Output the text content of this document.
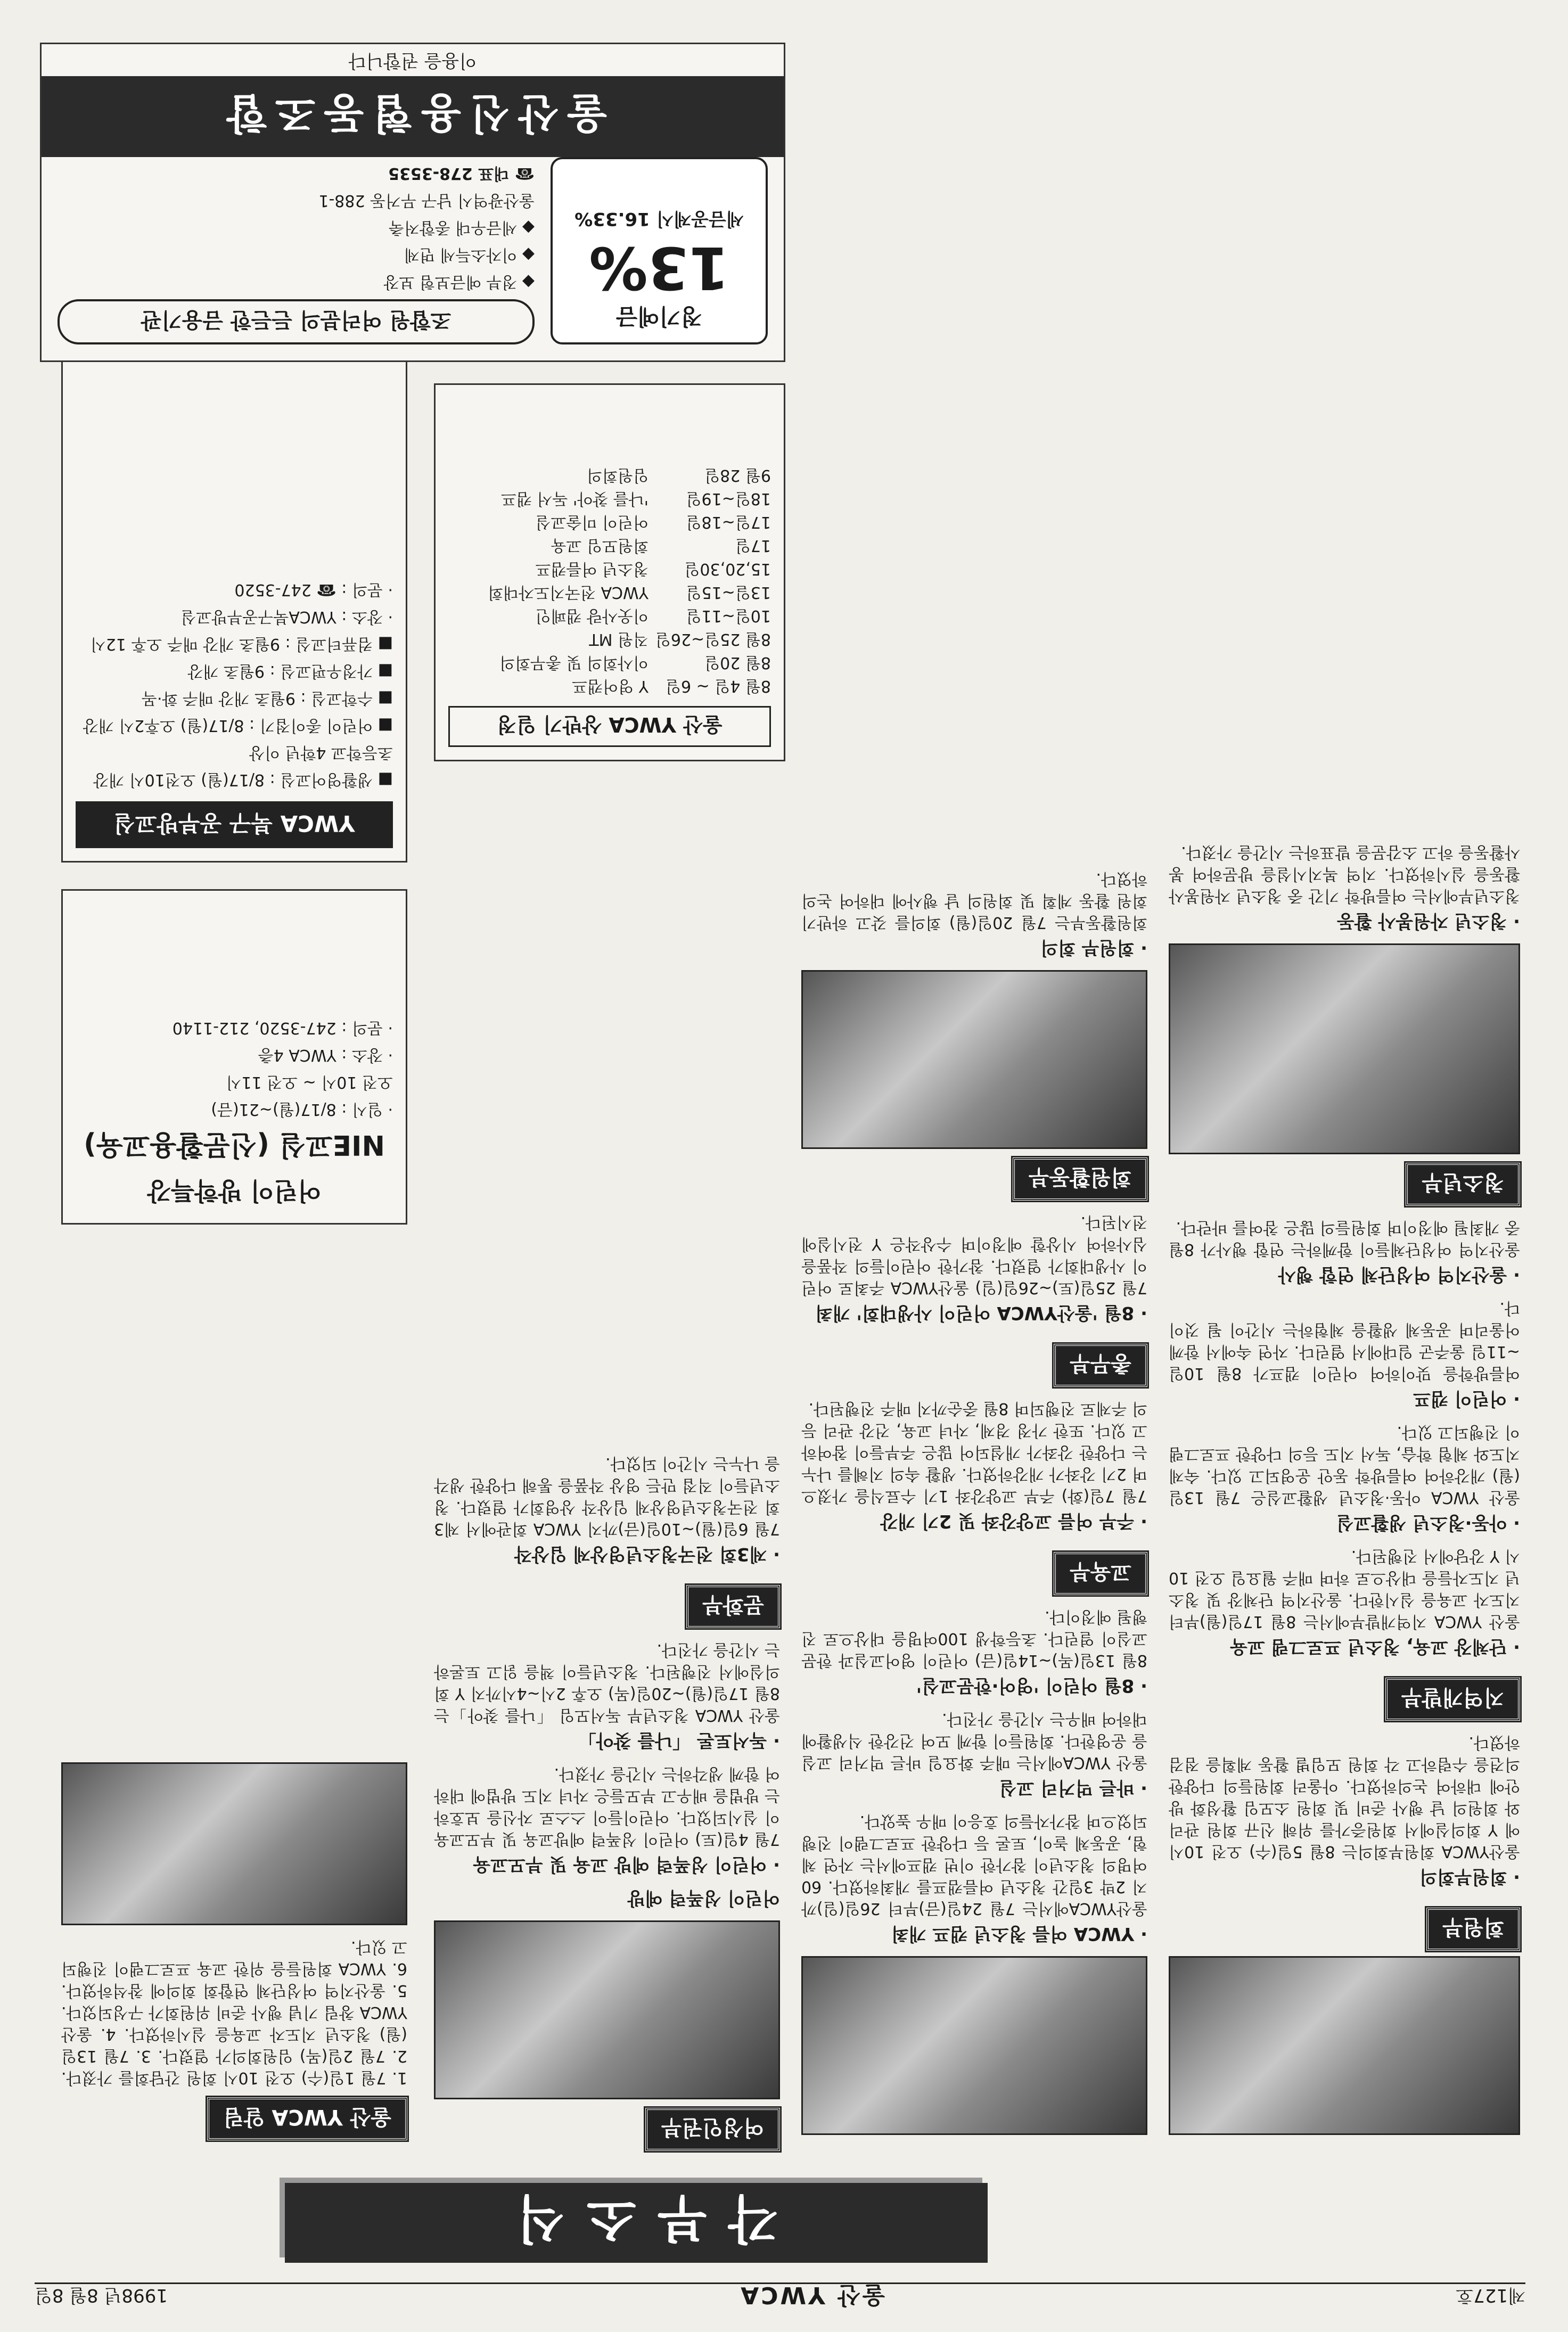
제127호
울산 YWCA
1998년 8월 8일
각부소식
회원부
· 회원부회의

울산YWCA 회원부회의는 8월 5일(수) 오전 10시에 Y 회의실에서 회원증가를 위해 신규 회원 관리와 회원의 날 행사 준비 및 회원 소모임 활성화 방안에 대하여 논의하였다. 아울러 회원들의 다양한 의견을 수렴하고 각 회원 모임별 활동 계획을 점검하였다.

지역개발부
· 단체장 교육, 청소년 프로그램 교육

울산 YWCA 지역개발부에서는 8월 17일(월)부터 지도자 교육을 실시한다. 울산지역 단체장 및 청소년 지도자들을 대상으로 하며 매주 월요일 오전 10시 Y 강당에서 진행된다.

· 아동·청소년 생활교실

울산 YWCA 아동·청소년 생활교실은 7월 13일(월) 개강하여 여름방학 동안 운영되고 있다. 숙제 지도와 체험 학습, 독서 지도 등의 다양한 프로그램이 진행되고 있다.

· 어린이 캠프

여름방학을 맞이하여 어린이 캠프가 8월 10일~11일 울주군 일대에서 열린다. 자연 속에서 함께 어울리며 공동체 생활을 체험하는 시간이 될 것이다.

· 울산지역 여성단체 연합 행사

울산지역 여성단체들이 함께하는 연합 행사가 8월 중 개최될 예정이며 회원들의 많은 참여를 바란다.

청소년부
· 청소년 자원봉사 활동

청소년부에서는 여름방학 기간 중 청소년 자원봉사 활동을 실시하였다. 지역 복지시설을 방문하여 봉사활동을 하고 소감문을 발표하는 시간을 가졌다.

· YWCA 여름 청소년 캠프 개최

울산YWCA에서는 7월 24일(금)부터 26일(일)까지 2박 3일간 청소년 여름캠프를 개최하였다. 60여명의 청소년이 참가한 이번 캠프에서는 자연 체험, 공동체 놀이, 토론 등 다양한 프로그램이 진행되었으며 참가자들의 호응이 매우 높았다.

· 바른 먹거리 교실

울산 YWCA에서는 매주 화요일 바른 먹거리 교실을 운영한다. 회원들이 함께 모여 건강한 식생활에 대하여 배우는 시간을 가진다.

· 8월 어린이 '영어·한문교실'

8월 13일(목)~14일(금) 어린이 영어교실과 한문교실이 열린다. 초등학생 100여명을 대상으로 진행될 예정이다.

교육부
· 주부 여름 교양강좌 및 2기 개강

7월 7일(화) 주부 교양강좌 1기 수료식을 가졌으며 2기 강좌가 개강하였다. 생활 속의 지혜를 나누는 다양한 강좌가 개설되어 많은 주부들이 참여하고 있다. 또한 가정 경제, 자녀 교육, 건강 관리 등의 주제로 진행되며 8월 중순까지 매주 진행된다.

총무부
· 8월 '울산YWCA 어린이 사생대회' 개최

7월 25일(토)~26일(일) 울산YWCA 주최로 어린이 사생대회가 열렸다. 참가한 어린이들의 작품을 심사하여 시상할 예정이며 수상작은 Y 전시실에 전시된다.

회원활동부
· 회원부 회의

회원활동부는 7월 20일(월) 회의를 갖고 하반기 회원 활동 계획 및 회원의 날 행사에 대하여 논의하였다.

여성인권부
어린이 성폭력 예방
· 어린이 성폭력 예방 교육 및 부모교육

7월 4일(토) 어린이 성폭력 예방교육 및 부모교육이 실시되었다. 어린이들이 스스로 자신을 보호하는 방법을 배우고 부모들은 자녀 지도 방법에 대하여 함께 생각하는 시간을 가졌다.

· 독서토론 「나를 찾아」

울산 YWCA 청소년부 독서모임 「나를 찾아」는 8월 17일(월)~20일(목) 오후 2시~4시까지 Y 회의실에서 진행된다. 청소년들이 책을 읽고 토론하는 시간을 가진다.

문화부
· 제3회 전국청소년영상제 입상작

7월 6일(월)~10일(금)까지 YWCA 회관에서 제3회 전국청소년영상제 입상작 상영회가 열렸다. 청소년들이 직접 만든 영상 작품을 통해 다양한 생각을 나누는 시간이 되었다.

어린이 방학특강
NIE교실 (신문활용교육)
· 일시 : 8/17(월)~21(금)
오전 10시 ~ 오전 11시
· 장소 : YWCA 4층
· 문의 : 247-3520, 212-1140
YWCA 북구 공부방교실
■ 생활영어교실 : 8/17(월) 오전10시 개강
초등학교 4학년 이상
■ 어린이 종이접기 : 8/17(월) 오후2시 개강
■ 수학교실 : 9월초 개강 매주 화·목
■ 가정우편교실 : 9월초 개강
■ 컴퓨터교실 : 9월초 개강 매주 오후 12시
· 장소 : YWCA북구공부방교실
· 문의 : ☎ 247-3520
울산 YWCA 상반기 일정
8월 4일 ~ 6일
Y 영어캠프
8월 20일
이사회의 및 총무회의
8월 25일~26일
직원 MT
10일~11일
이웃사랑 캠페인
13일~15일
YWCA 전국지도자대회
15,20,30일
청소년 여름캠프
17일
회원모임 교육
17일~18일
어린이 미술교실
18일~19일
'나를 찾아' 독서 캠프
9월 28일
임원회의
정기예금
13%
세금공제시 16.33%
조합원 여러분의 든든한 금융기관
◆ 정부 예금보험 보장
◆ 이자소득세 면제
◆ 세금우대 종합저축
울산광역시 남구 무거동 288-1
☎ 대표 278-3535
울산신용협동조합
이용을 권합니다
울산 YWCA 알림

1. 7월 1일(수) 오전 10시 회원 간담회를 가졌다. 2. 7월 2일(목) 임원회의가 열렸다. 3. 7월 13일(월) 청소년 지도자 교육을 실시하였다. 4. 울산YWCA 창립 기념 행사 준비 위원회가 구성되었다. 5. 울산지역 여성단체 연합회 회의에 참석하였다. 6. YWCA 회원들을 위한 교육 프로그램이 진행되고 있다.
